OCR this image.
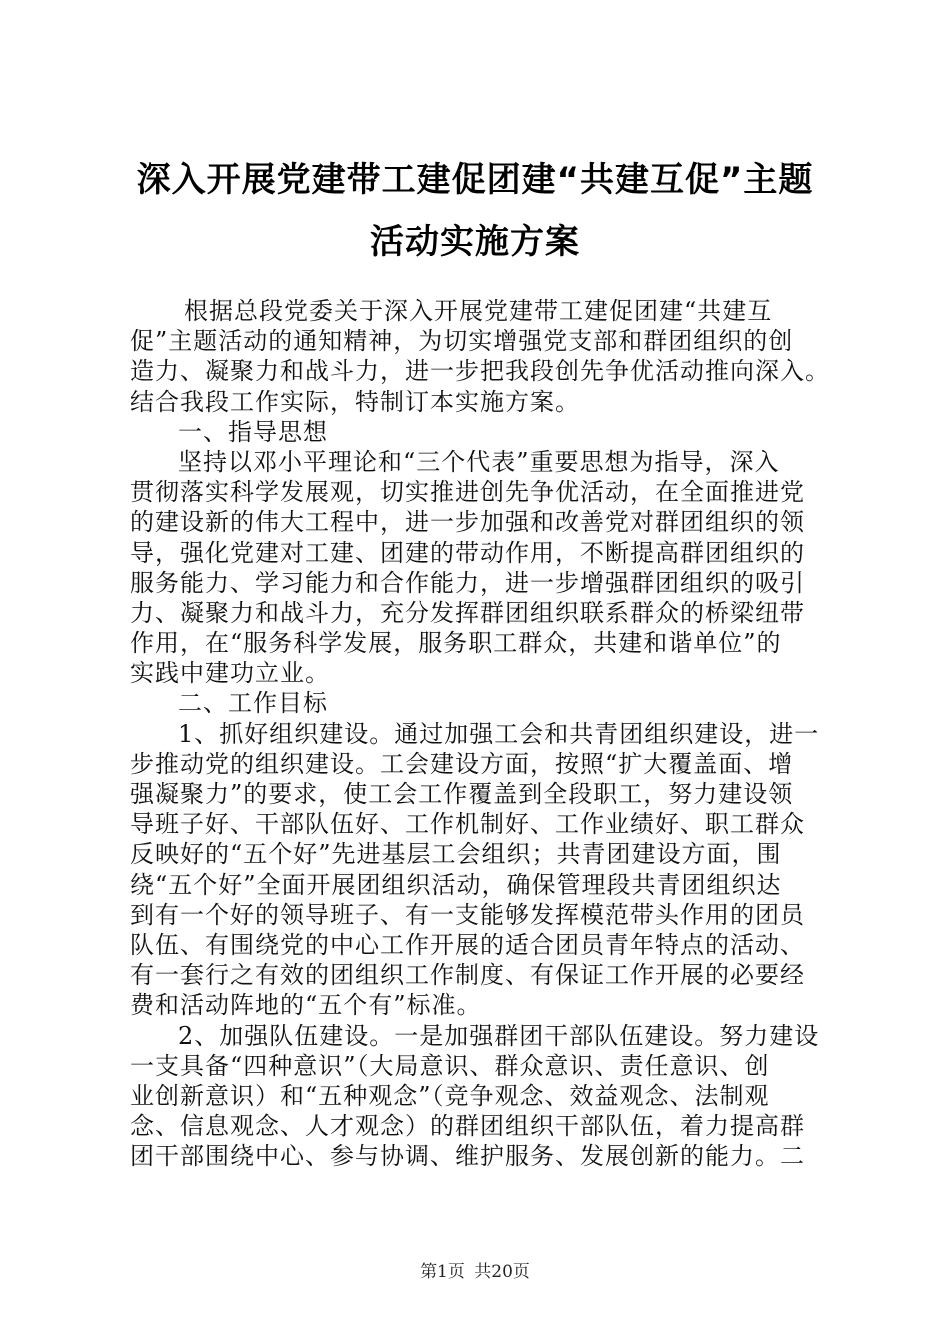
深入开展党建带工建促团建“共建互促”主题
活动实施方案
根据总段党委关于深入开展党建带工建促团建“共建互
促”主题活动的通知精神，为切实增强党支部和群团组织的创
造力、凝聚力和战斗力，进一步把我段创先争优活动推向深入。
结合我段工作实际，特制订本实施方案。
一、指导思想
坚持以邓小平理论和“三个代表”重要思想为指导，深入
贯彻落实科学发展观，切实推进创先争优活动，在全面推进党
的建设新的伟大工程中，进一步加强和改善党对群团组织的领
导，强化党建对工建、团建的带动作用，不断提高群团组织的
服务能力、学习能力和合作能力，进一步增强群团组织的吸引
力、凝聚力和战斗力，充分发挥群团组织联系群众的桥梁纽带
作用，在“服务科学发展，服务职工群众，共建和谐单位”的
实践中建功立业。
二、工作目标
1、抓好组织建设。通过加强工会和共青团组织建设，进一
步推动党的组织建设。工会建设方面，按照“扩大覆盖面、增
强凝聚力”的要求，使工会工作覆盖到全段职工，努力建设领
导班子好、干部队伍好、工作机制好、工作业绩好、职工群众
反映好的“五个好”先进基层工会组织；共青团建设方面，围
绕“五个好”全面开展团组织活动，确保管理段共青团组织达
到有一个好的领导班子、有一支能够发挥模范带头作用的团员
队伍、有围绕党的中心工作开展的适合团员青年特点的活动、
有一套行之有效的团组织工作制度、有保证工作开展的必要经
费和活动阵地的“五个有”标准。
2、加强队伍建设。一是加强群团干部队伍建设。努力建设
一支具备“四种意识”（大局意识、群众意识、责任意识、创
业创新意识）和“五种观念”（竞争观念、效益观念、法制观
念、信息观念、人才观念）的群团组织干部队伍，着力提高群
团干部围绕中心、参与协调、维护服务、发展创新的能力。二
第1页 共20页
